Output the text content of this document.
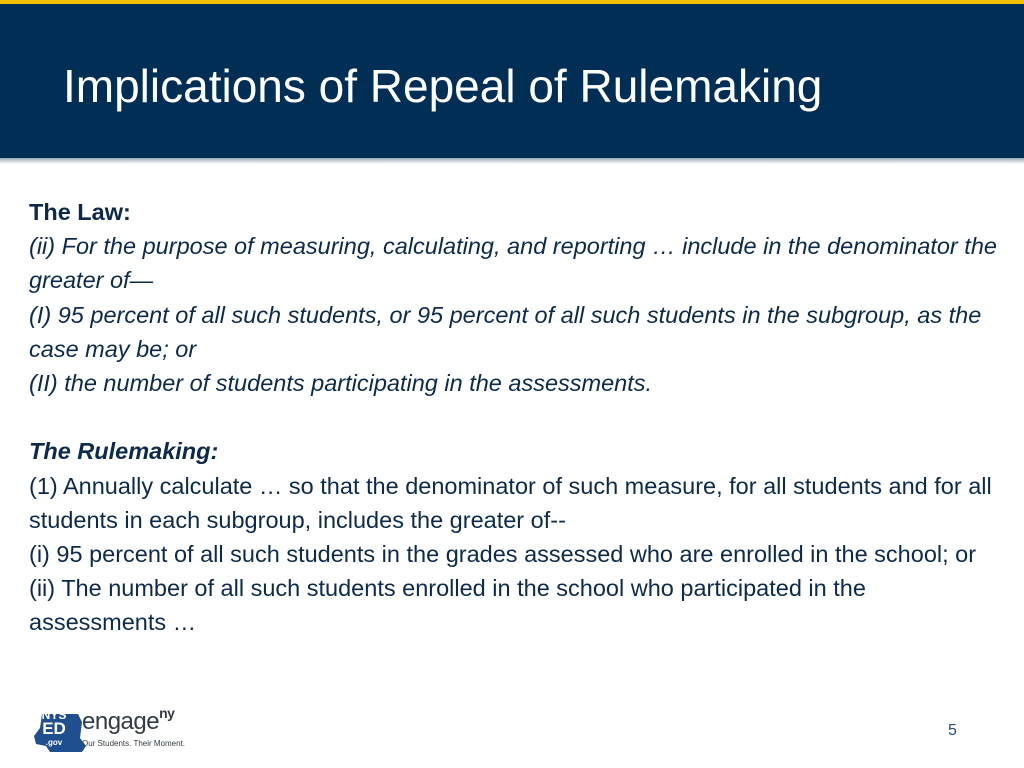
Implications of Repeal of Rulemaking

The Law:

(ii) For the purpose of measuring, calculating, and reporting … include in the denominator the greater of—

(I) 95 percent of all such students, or 95 percent of all such students in the subgroup, as the case may be; or

(II) the number of students participating in the assessments.

The Rulemaking:

(1) Annually calculate … so that the denominator of such measure, for all students and for all students in each subgroup, includes the greater of--

(i) 95 percent of all such students in the grades assessed who are enrolled in the school; or

(ii) The number of all such students enrolled in the school who participated in the assessments …

NYS
ED
.gov
engage$^{ny}$
Our Students. Their Moment.
5
